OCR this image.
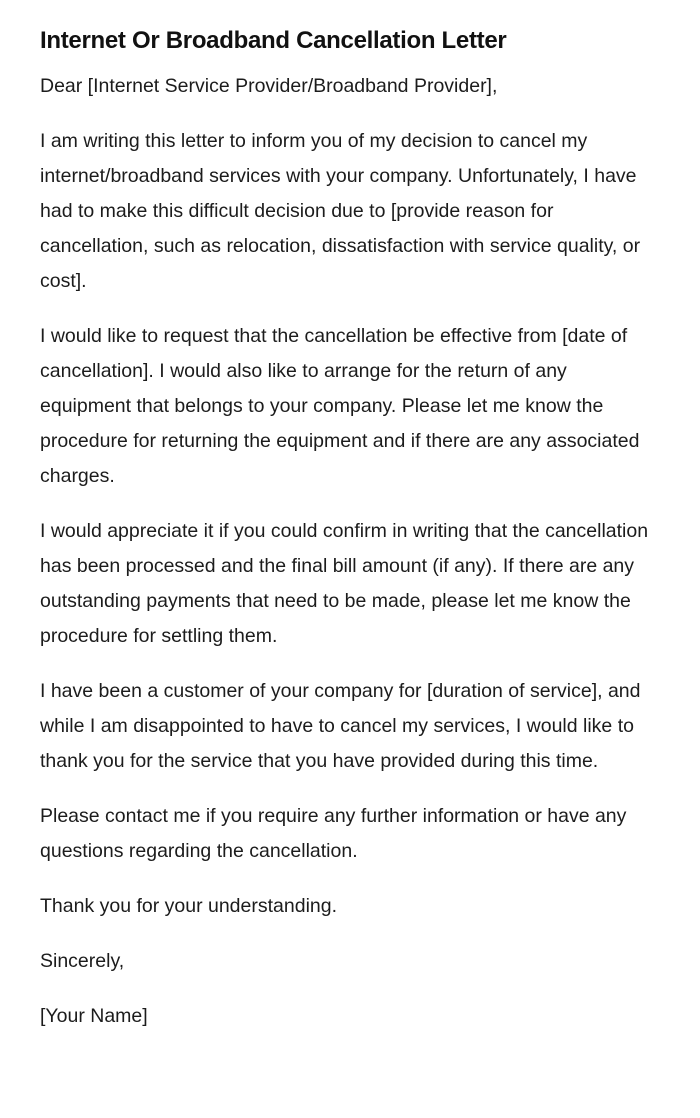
Internet Or Broadband Cancellation Letter

Dear [Internet Service Provider/Broadband Provider],

I am writing this letter to inform you of my decision to cancel my internet/broadband services with your company. Unfortunately, I have had to make this difficult decision due to [provide reason for cancellation, such as relocation, dissatisfaction with service quality, or cost].

I would like to request that the cancellation be effective from [date of cancellation]. I would also like to arrange for the return of any equipment that belongs to your company. Please let me know the procedure for returning the equipment and if there are any associated charges.

I would appreciate it if you could confirm in writing that the cancellation has been processed and the final bill amount (if any). If there are any outstanding payments that need to be made, please let me know the procedure for settling them.

I have been a customer of your company for [duration of service], and while I am disappointed to have to cancel my services, I would like to thank you for the service that you have provided during this time.

Please contact me if you require any further information or have any questions regarding the cancellation.

Thank you for your understanding.

Sincerely,

[Your Name]
